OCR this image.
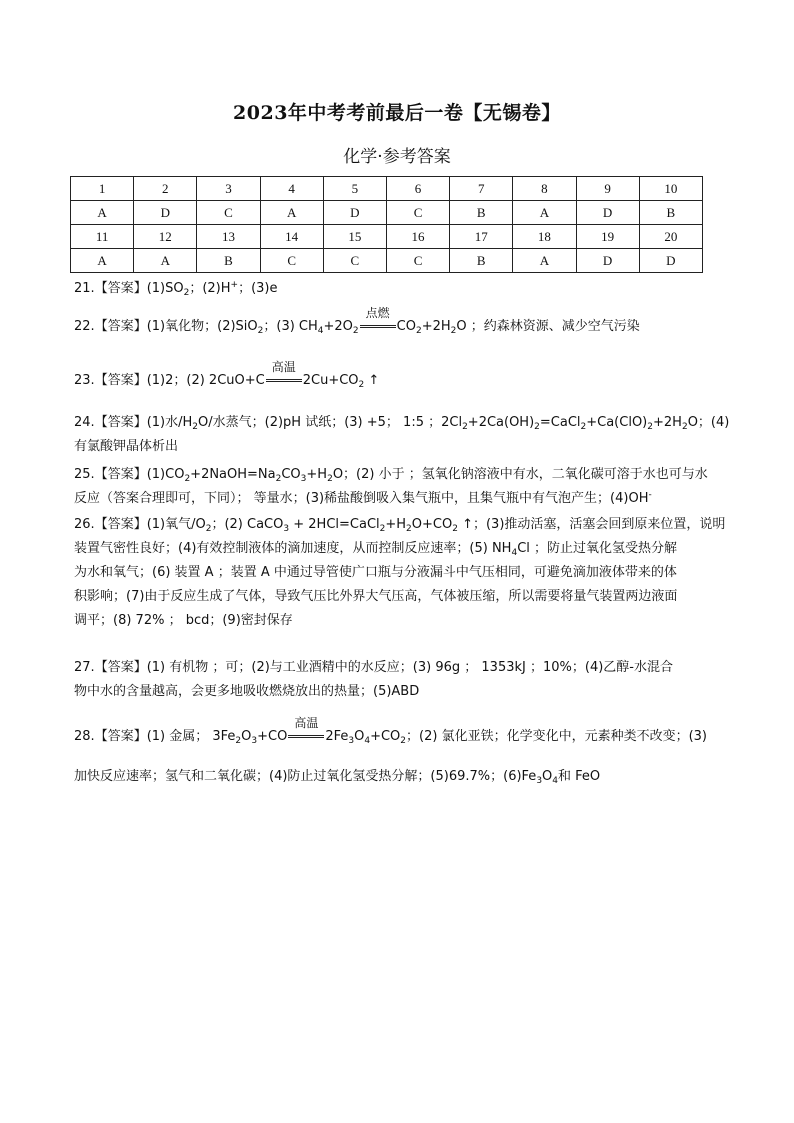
2023年中考考前最后一卷【无锡卷】
化学·参考答案
1	2	3	4	5	6	7	8	9	10
A	D	C	A	D	C	B	A	D	B
11	12	13	14	15	16	17	18	19	20
A	A	B	C	C	C	B	A	D	D
21.【答案】$(1)SO_2$；(2)H+；(3)e
22.【答案】(1)氧化物；(2)SiO$_2$；(3) $CH_4+2O_2$
点燃
$CO_2+2H_2O$ ；约森林资源、减少空气污染
23.【答案】(1)2；(2) 2CuO+C
高温
$2Cu+CO_2$ ↑
24.【答案】(1)水$/H_2O/$水蒸气；(2)pH 试纸；(3) +5； 1:5 ；$2Cl_2+2Ca(OH)_2=CaCl_2+Ca(ClO)_2+2H_2O$；(4)
有氯酸钾晶体析出
25.【答案】$(1)CO_2+2NaOH=Na_2CO_3+H_2O$；(2) 小于 ；氢氧化钠溶液中有水，二氧化碳可溶于水也可与水
反应（答案合理即可，下同）； 等量水；(3)稀盐酸倒吸入集气瓶中，且集气瓶中有气泡产生；(4)OH-
26.【答案】(1)氧气$/O_2$；(2) CaCO$_3$ + $2HCl=CaCl_2+H_2O+CO_2$ ↑；(3)推动活塞，活塞会回到原来位置，说明
装置气密性良好；(4)有效控制液体的滴加速度，从而控制反应速率；(5) $NH_4Cl$ ；防止过氧化氢受热分解
为水和氧气；(6) 装置 A ；装置 A 中通过导管使广口瓶与分液漏斗中气压相同，可避免滴加液体带来的体
积影响；(7)由于反应生成了气体，导致气压比外界大气压高，气体被压缩，所以需要将量气装置两边液面
调平；(8) 72% ； bcd；(9)密封保存
27.【答案】(1) 有机物 ；可；(2)与工业酒精中的水反应；(3) 96g ； 1353kJ ；10%；(4)乙醇-水混合
物中水的含量越高，会更多地吸收燃烧放出的热量；(5)ABD
28.【答案】(1) 金属； $3Fe_2O_3+CO$
高温
$2Fe_3O_4+CO_2$；(2) 氯化亚铁；化学变化中，元素种类不改变；(3)
加快反应速率；氢气和二氧化碳；(4)防止过氧化氢受热分解；(5)69.7%；$(6)Fe_3O_4$和 FeO
